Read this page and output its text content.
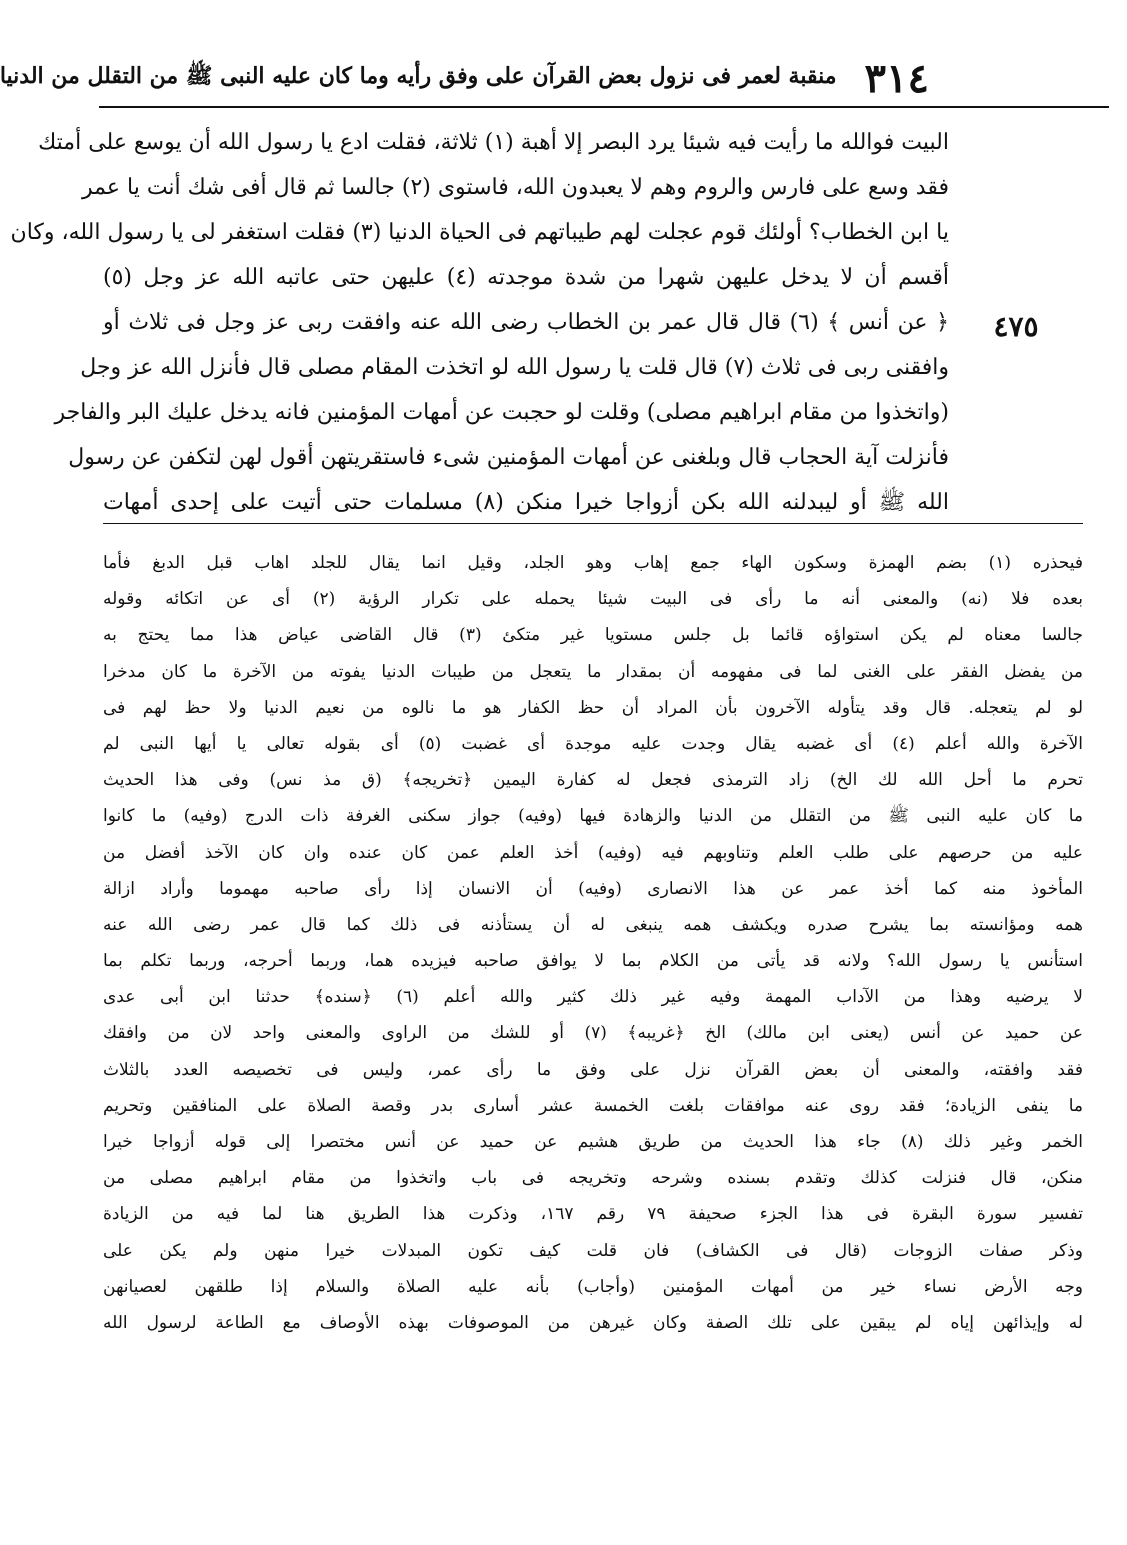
٣١٤
منقبة لعمر فى نزول بعض القرآن على وفق رأيه وما كان عليه النبى ﷺ من التقلل من الدنيا
٤٧٥
البيت فوالله ما رأيت فيه شيئا يرد البصر إلا أهبة (١) ثلاثة، فقلت ادع يا رسول الله أن يوسع على أمتك
فقد وسع على فارس والروم وهم لا يعبدون الله، فاستوى (٢) جالسا ثم قال أفى شك أنت يا عمر
يا ابن الخطاب؟ أولئك قوم عجلت لهم طيباتهم فى الحياة الدنيا (٣) فقلت استغفر لى يا رسول الله، وكان
أقسم أن لا يدخل عليهن شهرا من شدة موجدته (٤) عليهن حتى عاتبه الله عز وجل (٥)
﴿ عن أنس ﴾ (٦) قال قال عمر بن الخطاب رضى الله عنه وافقت ربى عز وجل فى ثلاث أو
وافقنى ربى فى ثلاث (٧) قال قلت يا رسول الله لو اتخذت المقام مصلى قال فأنزل الله عز وجل
(واتخذوا من مقام ابراهيم مصلى) وقلت لو حجبت عن أمهات المؤمنين فانه يدخل عليك البر والفاجر
فأنزلت آية الحجاب قال وبلغنى عن أمهات المؤمنين شىء فاستقريتهن أقول لهن لتكفن عن رسول
الله ﷺ أو ليبدلنه الله بكن أزواجا خيرا منكن (٨) مسلمات حتى أتيت على إحدى أمهات
فيحذره (١) بضم الهمزة وسكون الهاء جمع إهاب وهو الجلد، وقيل انما يقال للجلد اهاب قبل الدبغ فأما
بعده فلا (نه) والمعنى أنه ما رأى فى البيت شيئا يحمله على تكرار الرؤية (٢) أى عن اتكائه وقوله
جالسا معناه لم يكن استواؤه قائما بل جلس مستويا غير متكئ (٣) قال القاضى عياض هذا مما يحتج به
من يفضل الفقر على الغنى لما فى مفهومه أن بمقدار ما يتعجل من طيبات الدنيا يفوته من الآخرة ما كان مدخرا
لو لم يتعجله. قال وقد يتأوله الآخرون بأن المراد أن حظ الكفار هو ما نالوه من نعيم الدنيا ولا حظ لهم فى
الآخرة والله أعلم (٤) أى غضبه يقال وجدت عليه موجدة أى غضبت (٥) أى بقوله تعالى يا أيها النبى لم
تحرم ما أحل الله لك الخ) زاد الترمذى فجعل له كفارة اليمين ﴿تخريجه﴾ (ق مذ نس) وفى هذا الحديث
ما كان عليه النبى ﷺ من التقلل من الدنيا والزهادة فيها (وفيه) جواز سكنى الغرفة ذات الدرج (وفيه) ما كانوا
عليه من حرصهم على طلب العلم وتناوبهم فيه (وفيه) أخذ العلم عمن كان عنده وان كان الآخذ أفضل من
المأخوذ منه كما أخذ عمر عن هذا الانصارى (وفيه) أن الانسان إذا رأى صاحبه مهموما وأراد ازالة
همه ومؤانسته بما يشرح صدره ويكشف همه ينبغى له أن يستأذنه فى ذلك كما قال عمر رضى الله عنه
استأنس يا رسول الله؟ ولانه قد يأتى من الكلام بما لا يوافق صاحبه فيزيده هما، وربما أحرجه، وربما تكلم بما
لا يرضيه وهذا من الآداب المهمة وفيه غير ذلك كثير والله أعلم (٦) ﴿سنده﴾ حدثنا ابن أبى عدى
عن حميد عن أنس (يعنى ابن مالك) الخ ﴿غريبه﴾ (٧) أو للشك من الراوى والمعنى واحد لان من وافقك
فقد وافقته، والمعنى أن بعض القرآن نزل على وفق ما رأى عمر، وليس فى تخصيصه العدد بالثلاث
ما ينفى الزيادة؛ فقد روى عنه موافقات بلغت الخمسة عشر أسارى بدر وقصة الصلاة على المنافقين وتحريم
الخمر وغير ذلك (٨) جاء هذا الحديث من طريق هشيم عن حميد عن أنس مختصرا إلى قوله أزواجا خيرا
منكن، قال فنزلت كذلك وتقدم بسنده وشرحه وتخريجه فى باب واتخذوا من مقام ابراهيم مصلى من
تفسير سورة البقرة فى هذا الجزء صحيفة ٧٩ رقم ١٦٧، وذكرت هذا الطريق هنا لما فيه من الزيادة
وذكر صفات الزوجات (قال فى الكشاف) فان قلت كيف تكون المبدلات خيرا منهن ولم يكن على
وجه الأرض نساء خير من أمهات المؤمنين (وأجاب) بأنه عليه الصلاة والسلام إذا طلقهن لعصيانهن
له وإيذائهن إياه لم يبقين على تلك الصفة وكان غيرهن من الموصوفات بهذه الأوصاف مع الطاعة لرسول الله
